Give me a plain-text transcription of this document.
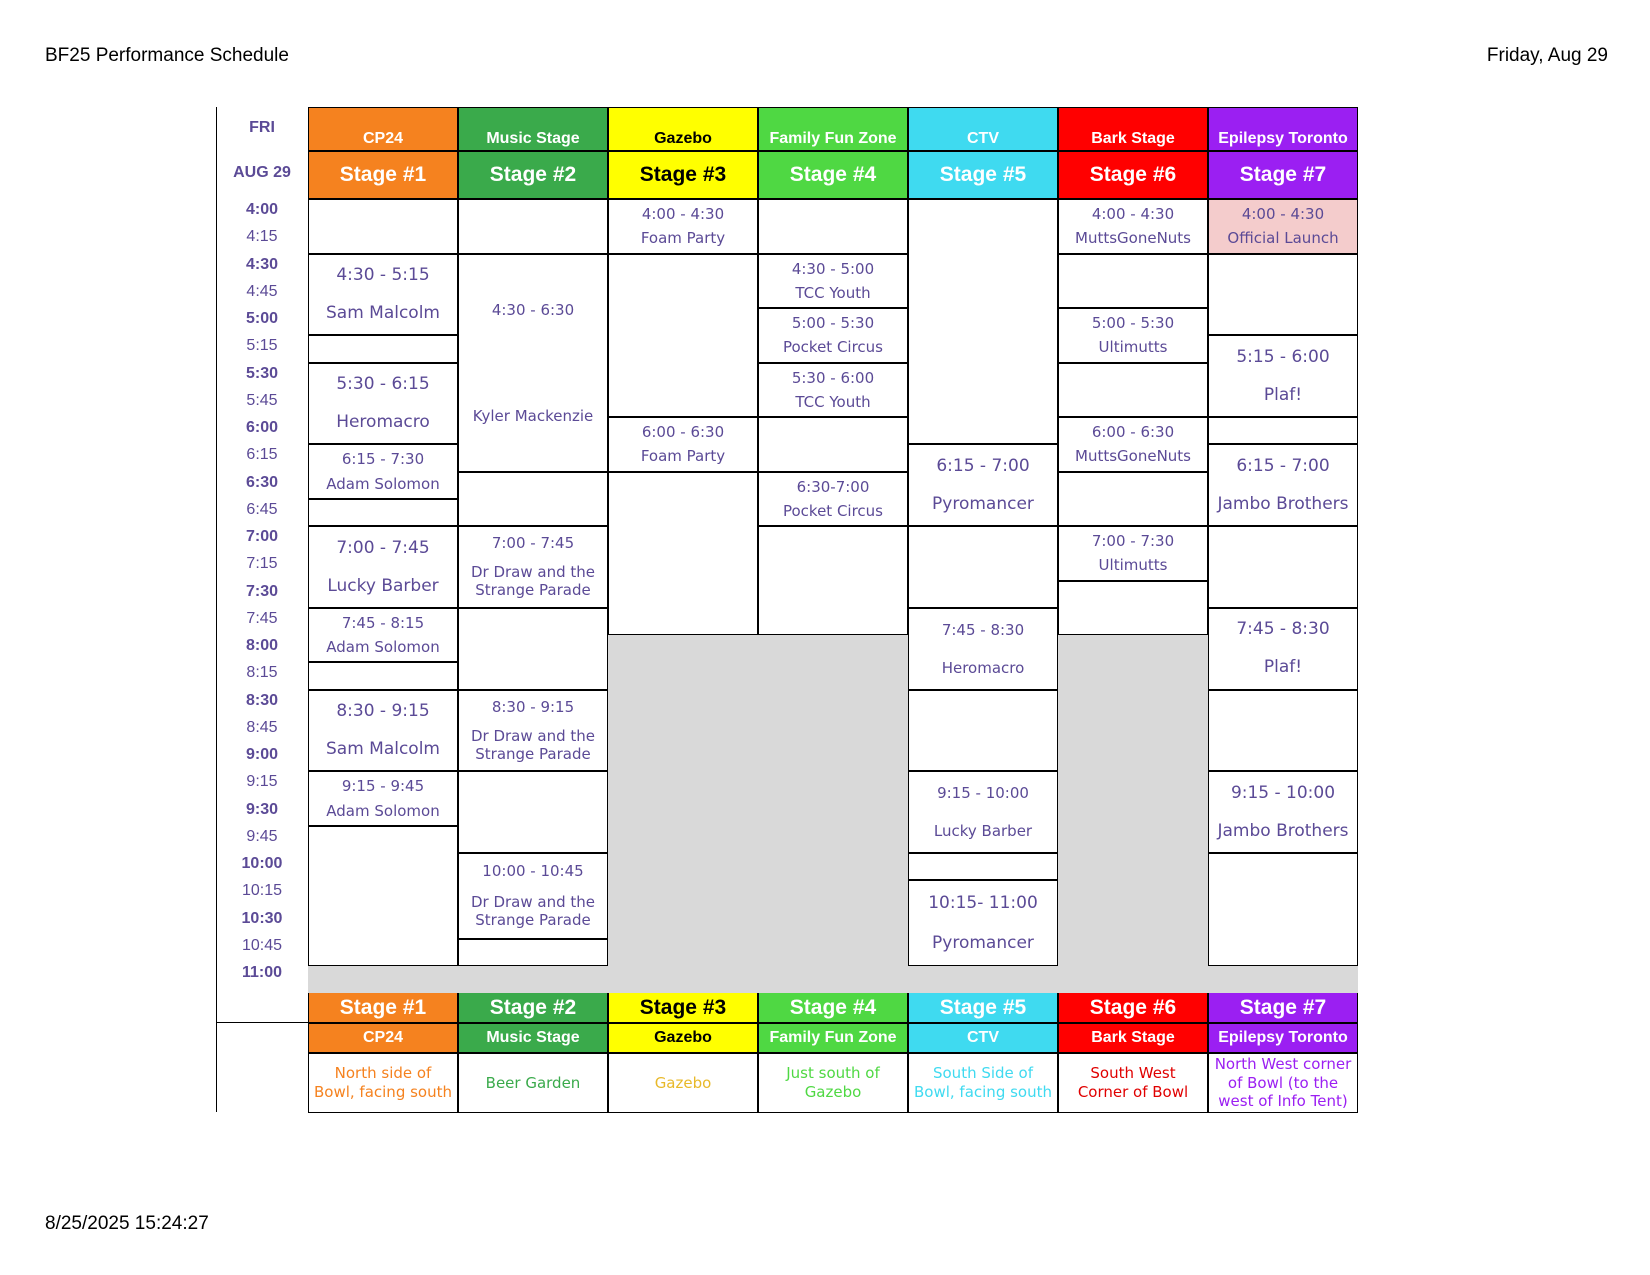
BF25 Performance Schedule	Friday, Aug 29
8/25/2025 15:24:27
FRI
AUG 29
CP24
Stage #1
Stage #1
CP24
North side of Bowl, facing south
Music Stage
Stage #2
Stage #2
Music Stage
Beer Garden
Gazebo
Stage #3
Stage #3
Gazebo
Gazebo
Family Fun Zone
Stage #4
Stage #4
Family Fun Zone
Just south of Gazebo
CTV
Stage #5
Stage #5
CTV
South Side of Bowl, facing south
Bark Stage
Stage #6
Stage #6
Bark Stage
South West Corner of Bowl
Epilepsy Toronto
Stage #7
Stage #7
Epilepsy Toronto
North West corner of Bowl (to the west of Info Tent)
4:00
4:15
4:30
4:45
5:00
5:15
5:30
5:45
6:00
6:15
6:30
6:45
7:00
7:15
7:30
7:45
8:00
8:15
8:30
8:45
9:00
9:15
9:30
9:45
10:00
10:15
10:30
10:45
11:00
4:30 - 5:15
Sam Malcolm
5:30 - 6:15
Heromacro
6:15 - 7:30
Adam Solomon
7:00 - 7:45
Lucky Barber
7:45 - 8:15
Adam Solomon
8:30 - 9:15
Sam Malcolm
9:15 - 9:45
Adam Solomon
4:30 - 6:30
Kyler Mackenzie
7:00 - 7:45
Dr Draw and the Strange Parade
8:30 - 9:15
Dr Draw and the Strange Parade
10:00 - 10:45
Dr Draw and the Strange Parade
4:00 - 4:30
Foam Party
6:00 - 6:30
Foam Party
4:30 - 5:00
TCC Youth
5:00 - 5:30
Pocket Circus
5:30 - 6:00
TCC Youth
6:30-7:00
Pocket Circus
6:15 - 7:00
Pyromancer
7:45 - 8:30
Heromacro
9:15 - 10:00
Lucky Barber
10:15- 11:00
Pyromancer
4:00 - 4:30
MuttsGoneNuts
5:00 - 5:30
Ultimutts
6:00 - 6:30
MuttsGoneNuts
7:00 - 7:30
Ultimutts
4:00 - 4:30
Official Launch
5:15 - 6:00
Plaf!
6:15 - 7:00
Jambo Brothers
7:45 - 8:30
Plaf!
9:15 - 10:00
Jambo Brothers
